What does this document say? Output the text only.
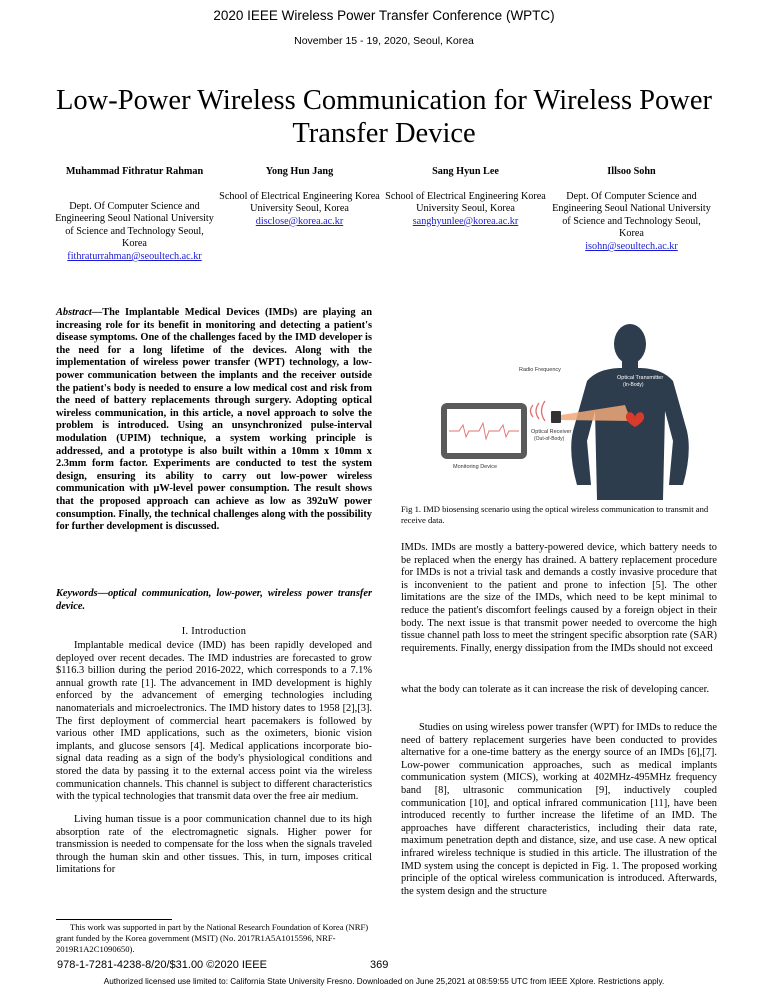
2020 IEEE Wireless Power Transfer Conference (WPTC)
November 15 - 19, 2020, Seoul, Korea
Low-Power Wireless Communication for Wireless Power Transfer Device
Muhammad Fithratur Rahman
Dept. Of Computer Science and Engineering Seoul National University of Science and Technology Seoul, Korea
fithraturrahman@seoultech.ac.kr
Yong Hun Jang
School of Electrical Engineering Korea University Seoul, Korea
disclose@korea.ac.kr
Sang Hyun Lee
School of Electrical Engineering Korea University Seoul, Korea
sanghyunlee@korea.ac.kr
Illsoo Sohn
Dept. Of Computer Science and Engineering Seoul National University of Science and Technology Seoul, Korea
isohn@seoultech.ac.kr
Abstract—The Implantable Medical Devices (IMDs) are playing an increasing role for its benefit in monitoring and detecting a patient's disease symptoms. One of the challenges faced by the IMD developer is the need for a long lifetime of the devices. Along with the implementation of wireless power transfer (WPT) technology, a low-power communication between the implants and the receiver outside the patient's body is needed to ensure a low medical cost and risk from the need of battery replacements through surgery. Adopting optical wireless communication, in this article, a novel approach to solve the problem is introduced. Using an unsynchronized pulse-interval modulation (UPIM) technique, a system working principle is addressed, and a prototype is also built within a 10mm x 10mm x 2.3mm form factor. Experiments are conducted to test the system design, ensuring its ability to carry out low-power wireless communication with µW-level power consumption. The result shows that the proposed approach can achieve as low as 392uW power consumption. Finally, the technical challenges along with the possibility for further development is discussed.
Keywords—optical communication, low-power, wireless power transfer device.
I. Introduction
Implantable medical device (IMD) has been rapidly developed and deployed over recent decades. The IMD industries are forecasted to grow $116.3 billion during the period 2016-2022, which corresponds to a 7.1% annual growth rate [1]. The advancement in IMD development is highly enforced by the advancement of emerging technologies including nanomaterials and microelectronics. The IMD history dates to 1958 [2],[3]. The first deployment of commercial heart pacemakers is followed by various other IMD applications, such as the oximeters, bionic vision implants, and glucose sensors [4]. Medical applications incorporate bio-signal data reading as a sign of the body's physiological conditions and stored the data by passing it to the external access point via the wireless communication channels. This channel is subject to different characteristics with the typical technologies that transmit data over the free air medium.
Living human tissue is a poor communication channel due to its high absorption rate of the electromagnetic signals. Higher power for transmission is needed to compensate for the loss when the signals traveled through the human skin and other tissues. This, in turn, imposes critical limitations for
This work was supported in part by the National Research Foundation of Korea (NRF) grant funded by the Korea government (MSIT) (No. 2017R1A5A1015596, NRF-2019R1A2C1090650).
Radio Frequency
Optical Transmitter
(In-Body)
Optical Receiver
(Out-of-Body)
Monitoring Device
Fig 1. IMD biosensing scenario using the optical wireless communication to transmit and receive data.
IMDs. IMDs are mostly a battery-powered device, which battery needs to be replaced when the energy has drained. A battery replacement procedure for IMDs is not a trivial task and demands a costly invasive procedure that is inconvenient to the patient and prone to infection [5]. The other limitations are the size of the IMDs, which need to be kept minimal to reduce the patient's discomfort feelings caused by a foreign object in their body. The next issue is that transmit power needed to overcome the high tissue channel path loss to meet the stringent specific absorption rate (SAR) requirements. Finally, energy dissipation from the IMDs should not exceed
what the body can tolerate as it can increase the risk of developing cancer.
Studies on using wireless power transfer (WPT) for IMDs to reduce the need of battery replacement surgeries have been conducted to provides alternative for a one-time battery as the energy source of an IMDs [6],[7]. Low-power communication approaches, such as medical implants communication system (MICS), working at 402MHz-495MHz frequency band [8], ultrasonic communication [9], inductively coupled communication [10], and optical infrared communication [11], have been introduced recently to further increase the lifetime of an IMD. The approaches have different characteristics, including their data rate, maximum penetration depth and distance, size, and use case. A new optical infrared wireless technique is studied in this article. The illustration of the IMD system using the concept is depicted in Fig. 1. The proposed working principle of the optical wireless communication is introduced. Afterwards, the system design and the structure
978-1-7281-4238-8/20/$31.00 ©2020 IEEE	369
Authorized licensed use limited to: California State University Fresno. Downloaded on June 25,2021 at 08:59:55 UTC from IEEE Xplore. Restrictions apply.
